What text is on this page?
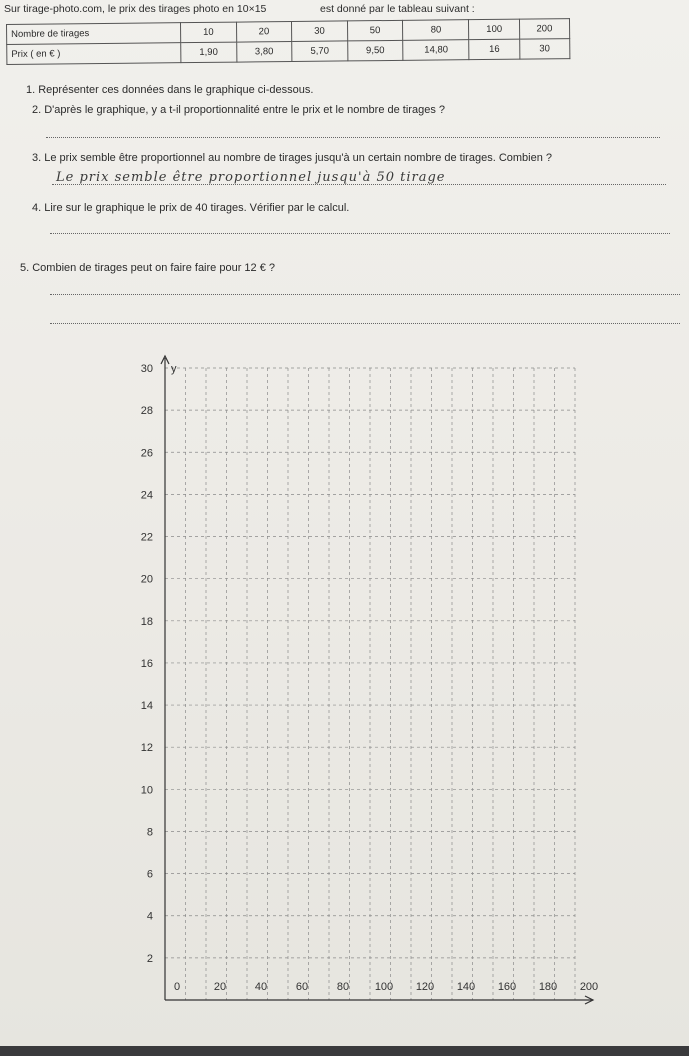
Sur tirage-photo.com, le prix des tirages photo en 10×15	est donné par le tableau suivant :
Nombre de tirages	10	20	30	50	80	100	200
Prix ( en € )	1,90	3,80	5,70	9,50	14,80	16	30
1. Représenter ces données dans le graphique ci-dessous.
2. D'après le graphique, y a t-il proportionnalité entre le prix et le nombre de tirages ?
3. Le prix semble être proportionnel au nombre de tirages jusqu'à un certain nombre de tirages. Combien ?
Le prix semble être proportionnel jusqu'à 50 tirage
4. Lire sur le graphique le prix de 40 tirages. Vérifier par le calcul.
5. Combien de tirages peut on faire faire pour 12 € ?
y
2
4
6
8
10
12
14
16
18
20
22
24
26
28
30
0	20	40	60	80 100 120 140 160 180 200
